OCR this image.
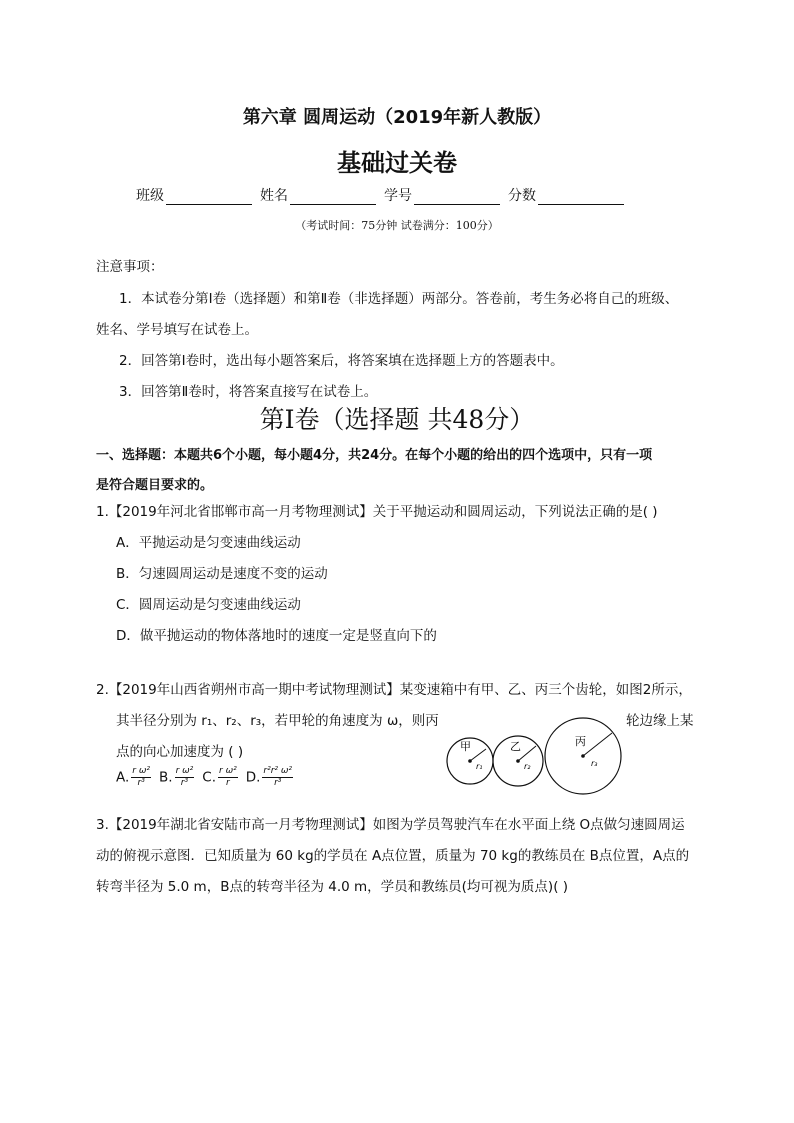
第六章 圆周运动（2019年新人教版）
基础过关卷
班级	姓名	学号	分数
（考试时间：75分钟 试卷满分：100分）
注意事项：
1．本试卷分第Ⅰ卷（选择题）和第Ⅱ卷（非选择题）两部分。答卷前，考生务必将自己的班级、
姓名、学号填写在试卷上。
2．回答第Ⅰ卷时，选出每小题答案后，将答案填在选择题上方的答题表中。
3．回答第Ⅱ卷时，将答案直接写在试卷上。
第Ⅰ卷（选择题 共48分）
一、选择题：本题共6个小题，每小题4分，共24分。在每个小题的给出的四个选项中，只有一项
是符合题目要求的。
1.【2019年河北省邯郸市高一月考物理测试】关于平抛运动和圆周运动，下列说法正确的是( )
A．平抛运动是匀变速曲线运动
B．匀速圆周运动是速度不变的运动
C．圆周运动是匀变速曲线运动
D．做平抛运动的物体落地时的速度一定是竖直向下的
2.【2019年山西省朔州市高一期中考试物理测试】某变速箱中有甲、乙、丙三个齿轮，如图2所示，
其半径分别为 r₁、r₂、r₃，若甲轮的角速度为 ω，则丙	轮边缘上某
点的向心加速度为 ( )
A. $\frac{\text{r ω²}}{\text{r³}} B$. $\frac{\text{r ω²}}{\text{r³}} C$. $\frac{\text{r ω²}}{r} D$. $\frac{\text{r²r² ω²}}{\text{r³}}$
甲
r₁
乙
r₂
丙
r₃
3.【2019年湖北省安陆市高一月考物理测试】如图为学员驾驶汽车在水平面上绕 O点做匀速圆周运
动的俯视示意图．已知质量为 60 kg的学员在 A点位置，质量为 70 kg的教练员在 B点位置，A点的
转弯半径为 5.0 m，B点的转弯半径为 4.0 m，学员和教练员(均可视为质点)( )
